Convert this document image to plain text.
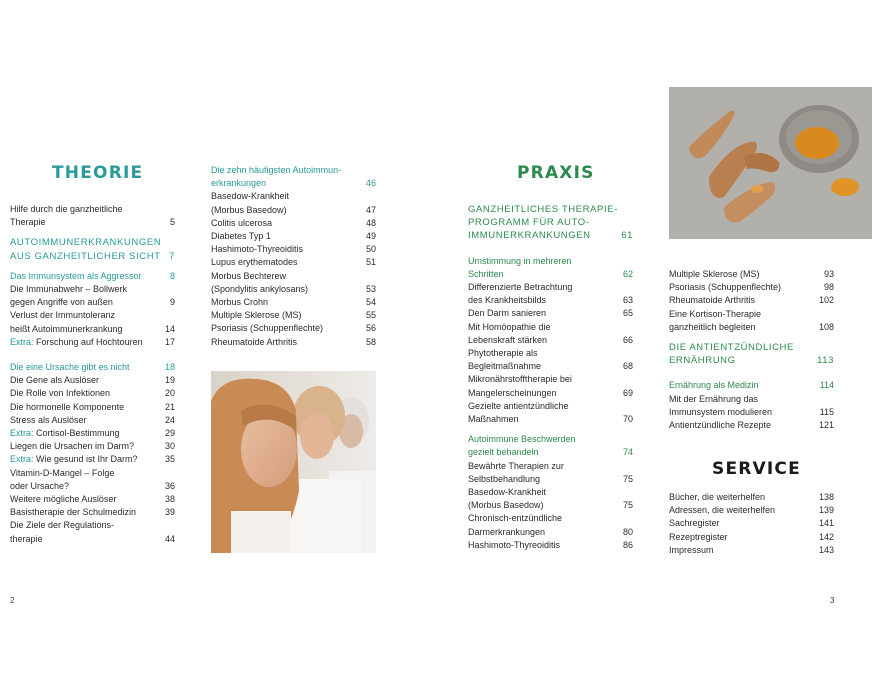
THEORIE
Hilfe durch die ganzheitliche
Therapie	5
AUTOIMMUNERKRANKUNGEN
AUS GANZHEITLICHER SICHT 7
Das Immunsystem als Aggressor	8
Die Immunabwehr – Bollwerk
gegen Angriffe von außen	9
Verlust der Immuntoleranz
heißt Autoimmunerkrankung	14
Extra: Forschung auf Hochtouren	17
Die eine Ursache gibt es nicht	18
Die Gene als Auslöser	19
Die Rolle von Infektionen	20
Die hormonelle Komponente	21
Stress als Auslöser	24
Extra: Cortisol-Bestimmung	29
Liegen die Ursachen im Darm?	30
Extra: Wie gesund ist Ihr Darm?	35
Vitamin-D-Mangel – Folge
oder Ursache?	36
Weitere mögliche Auslöser	38
Basistherapie der Schulmedizin	39
Die Ziele der Regulations-
therapie	44
Die zehn häufigsten Autoimmun-
erkrankungen	46
Basedow-Krankheit
(Morbus Basedow)	47
Colitis ulcerosa	48
Diabetes Typ 1	49
Hashimoto-Thyreoiditis	50
Lupus erythematodes	51
Morbus Bechterew
(Spondylitis ankylosans)	53
Morbus Crohn	54
Multiple Sklerose (MS)	55
Psoriasis (Schuppenflechte)	56
Rheumatoide Arthritis	58
2
PRAXIS
GANZHEITLICHES THERAPIE-
PROGRAMM FÜR AUTO-
IMMUNERKRANKUNGEN	61
Umstimmung in mehreren
Schritten	62
Differenzierte Betrachtung
des Krankheitsbilds	63
Den Darm sanieren	65
Mit Homöopathie die
Lebenskraft stärken	66
Phytotherapie als
Begleitmaßnahme	68
Mikronährstofftherapie bei
Mangelerscheinungen	69
Gezielte antientzündliche
Maßnahmen	70
Autoimmune Beschwerden
gezielt behandeln	74
Bewährte Therapien zur
Selbstbehandlung	75
Basedow-Krankheit
(Morbus Basedow)	75
Chronisch-entzündliche
Darmerkrankungen	80
Hashimoto-Thyreoiditis	86
Multiple Sklerose (MS)	93
Psoriasis (Schuppenflechte)	98
Rheumatoide Arthritis	102
Eine Kortison-Therapie
ganzheitlich begleiten	108
DIE ANTIENTZÜNDLICHE
ERNÄHRUNG	113
Ernährung als Medizin	114
Mit der Ernährung das
Immunsystem modulieren	115
Antientzündliche Rezepte	121
SERVICE
Bücher, die weiterhelfen	138
Adressen, die weiterhelfen	139
Sachregister	141
Rezeptregister	142
Impressum	143
3
